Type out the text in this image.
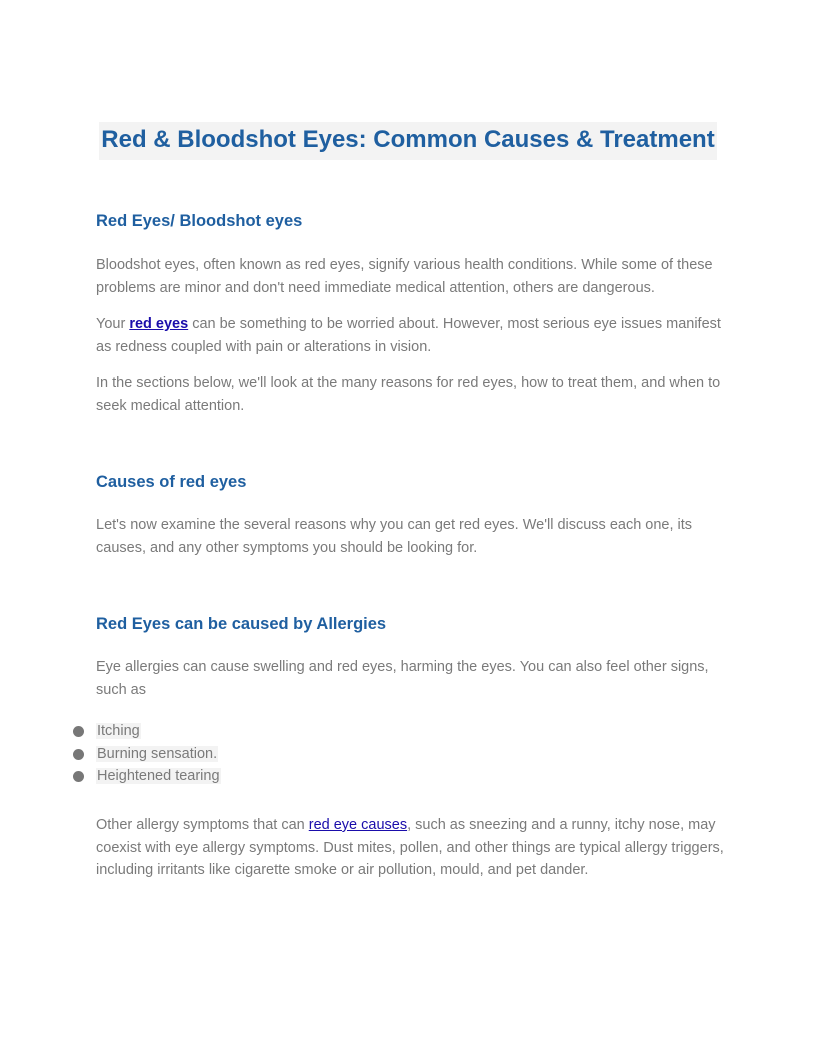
Red & Bloodshot Eyes: Common Causes & Treatment
Red Eyes/ Bloodshot eyes

Bloodshot eyes, often known as red eyes, signify various health conditions. While some of these problems are minor and don't need immediate medical attention, others are dangerous.

Your red eyes can be something to be worried about. However, most serious eye issues manifest as redness coupled with pain or alterations in vision.

In the sections below, we'll look at the many reasons for red eyes, how to treat them, and when to seek medical attention.

Causes of red eyes

Let's now examine the several reasons why you can get red eyes. We'll discuss each one, its causes, and any other symptoms you should be looking for.

Red Eyes can be caused by Allergies

Eye allergies can cause swelling and red eyes, harming the eyes. You can also feel other signs, such as

Itching
Burning sensation.
Heightened tearing

Other allergy symptoms that can red eye causes, such as sneezing and a runny, itchy nose, may coexist with eye allergy symptoms. Dust mites, pollen, and other things are typical allergy triggers, including irritants like cigarette smoke or air pollution, mould, and pet dander.
